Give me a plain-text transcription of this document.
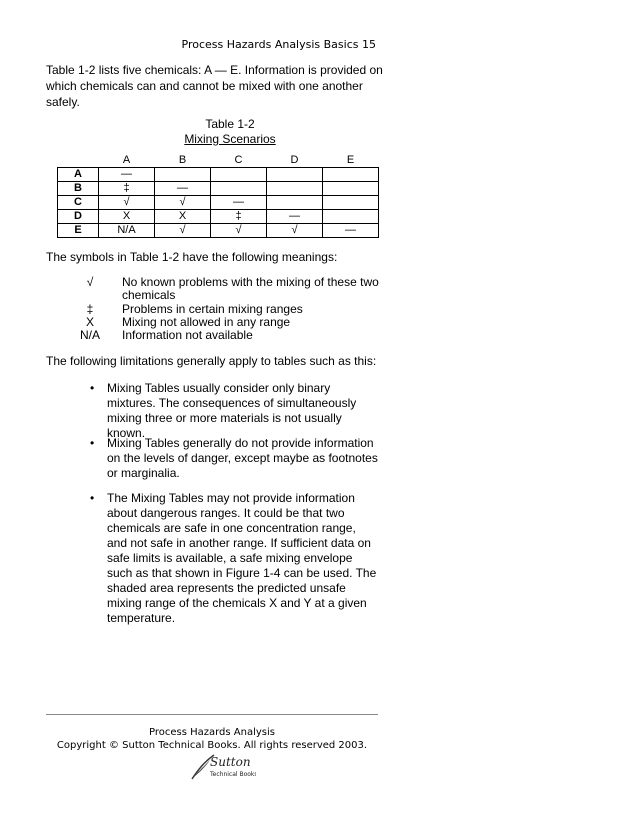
Process Hazards Analysis Basics 15
Table 1-2 lists five chemicals: A — E. Information is provided on which chemicals can and cannot be mixed with one another safely.
Table 1-2
Mixing Scenarios
	A	B	C	D	E
A	—				
B	‡	—			
C	√	√	—		
D	X	X	‡	—	
E	N/A	√	√	√	—
The symbols in Table 1-2 have the following meanings:
√	No known problems with the mixing of these two chemicals
‡	Problems in certain mixing ranges
X	Mixing not allowed in any range
N/A Information not available
The following limitations generally apply to tables such as this:
• Mixing Tables usually consider only binary mixtures. The consequences of simultaneously mixing three or more materials is not usually known.
• Mixing Tables generally do not provide information on the levels of danger, except maybe as footnotes or marginalia.
• The Mixing Tables may not provide information about dangerous ranges. It could be that two chemicals are safe in one concentration range, and not safe in another range. If sufficient data on safe limits is available, a safe mixing envelope such as that shown in Figure 1-4 can be used. The shaded area represents the predicted unsafe mixing range of the chemicals X and Y at a given temperature.
Process Hazards Analysis
Copyright © Sutton Technical Books. All rights reserved 2003.
Sutton
Technical Books
